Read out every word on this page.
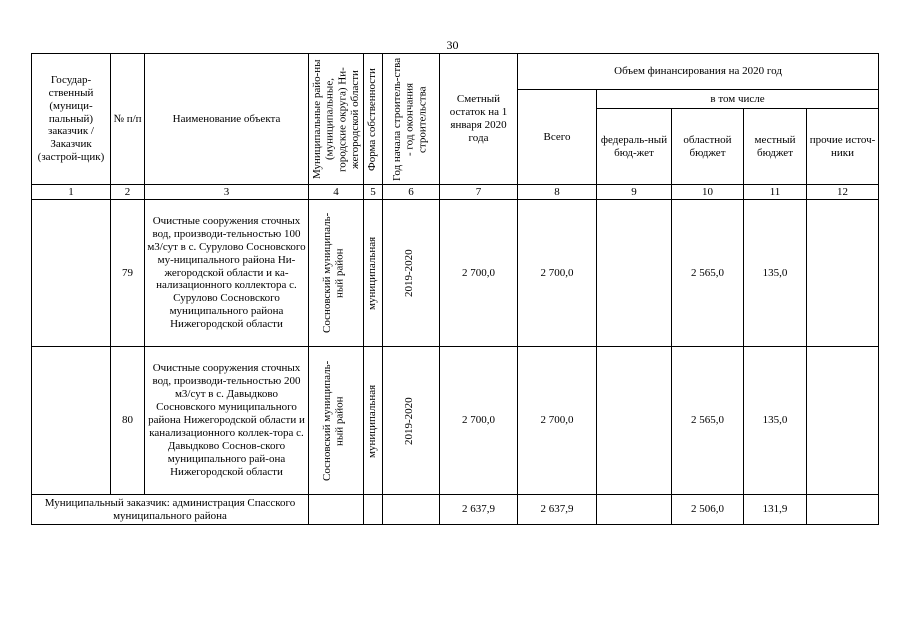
30
Государ-ственный (муници-пальный) заказчик / Заказчик (застрой-щик)	№ п/п	Наименование объекта	Муниципальные райо-ны (муниципальные, городские округа) Ни-жегородской области	Форма собственности	Год начала строитель-ства - год окончания строительства	Сметный остаток на 1 января 2020 года	Объем финансирования на 2020 год				
							Всего	в том числе			
								федераль-ный бюд-жет	областной бюджет	местный бюджет	прочие источ-ники
1	2	3	4	5	6	7	8	9	10	11	12
	79	Очистные сооружения сточных вод, производи-тельностью 100 м3/сут в с. Сурулово Сосновского му-ниципального района Ни-жегородской области и ка-нализационного коллектора с. Сурулово Сосновского муниципального района Нижегородской области	Сосновский муниципаль-ный район	муниципальная	2019-2020	2 700,0	2 700,0		2 565,0	135,0	
	80	Очистные сооружения сточных вод, производи-тельностью 200 м3/сут в с. Давыдково Сосновского муниципального района Нижегородской области и канализационного коллек-тора с. Давыдково Соснов-ского муниципального рай-она Нижегородской области	Сосновский муниципаль-ный район	муниципальная	2019-2020	2 700,0	2 700,0		2 565,0	135,0	
Муниципальный заказчик: администрация Спасского муниципального района						2 637,9	2 637,9		2 506,0	131,9	
